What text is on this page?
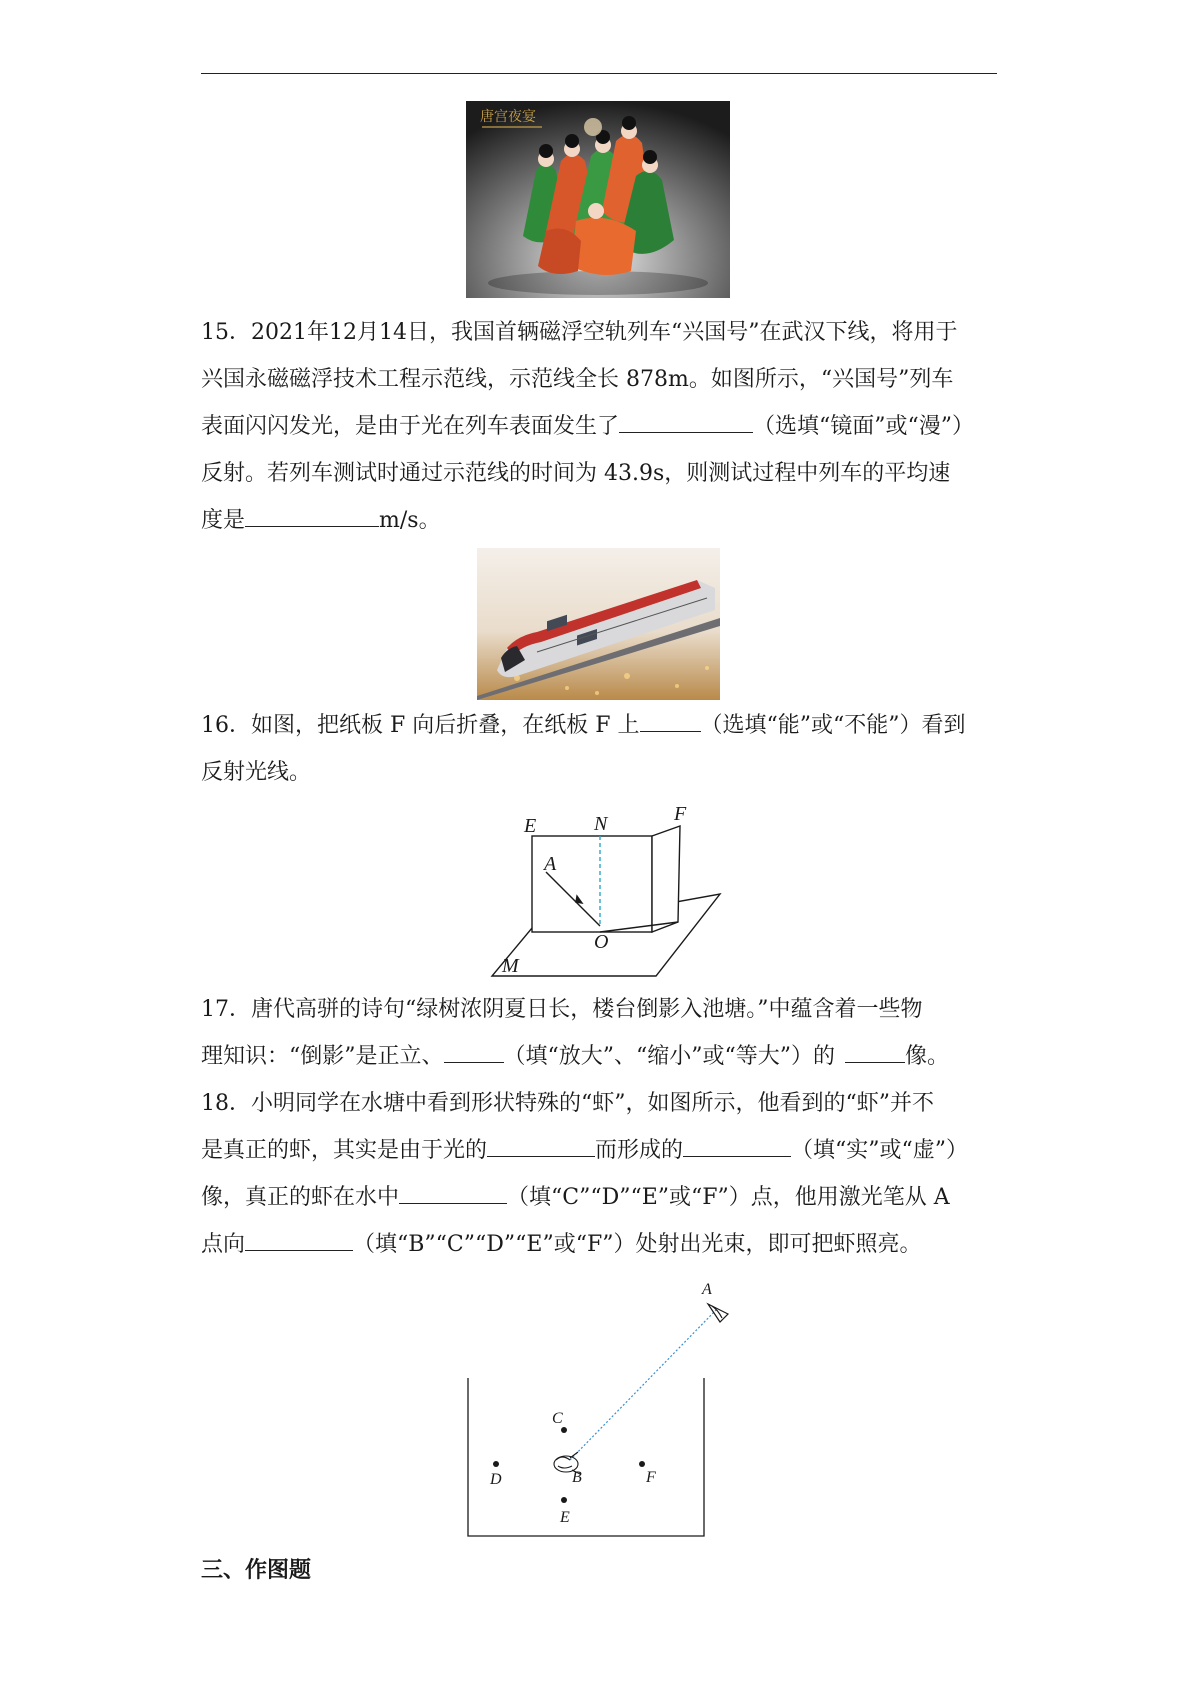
唐宫夜宴
15．2021年12月14日，我国首辆磁浮空轨列车“兴国号”在武汉下线，将用于
兴国永磁磁浮技术工程示范线，示范线全长 878m。如图所示，“兴国号”列车
表面闪闪发光，是由于光在列车表面发生了	（选填“镜面”或“漫”）
反射。若列车测试时通过示范线的时间为 43.9s，则测试过程中列车的平均速
度是	m/s。
16．如图，把纸板 F 向后折叠，在纸板 F 上	（选填“能”或“不能”）看到
反射光线。
E	N	F
A
O
M
17．唐代高骈的诗句“绿树浓阴夏日长，楼台倒影入池塘。”中蕴含着一些物
理知识：“倒影”是正立、	（填“放大”、“缩小”或“等大”）的	像。
18．小明同学在水塘中看到形状特殊的“虾”，如图所示，他看到的“虾”并不
是真正的虾，其实是由于光的	而形成的	（填“实”或“虚”）
像，真正的虾在水中	（填“C”“D”“E”或“F”）点，他用激光笔从 A
点向	（填“B”“C”“D”“E”或“F”）处射出光束，即可把虾照亮。
A
C
D	B	F
E
三、作图题
